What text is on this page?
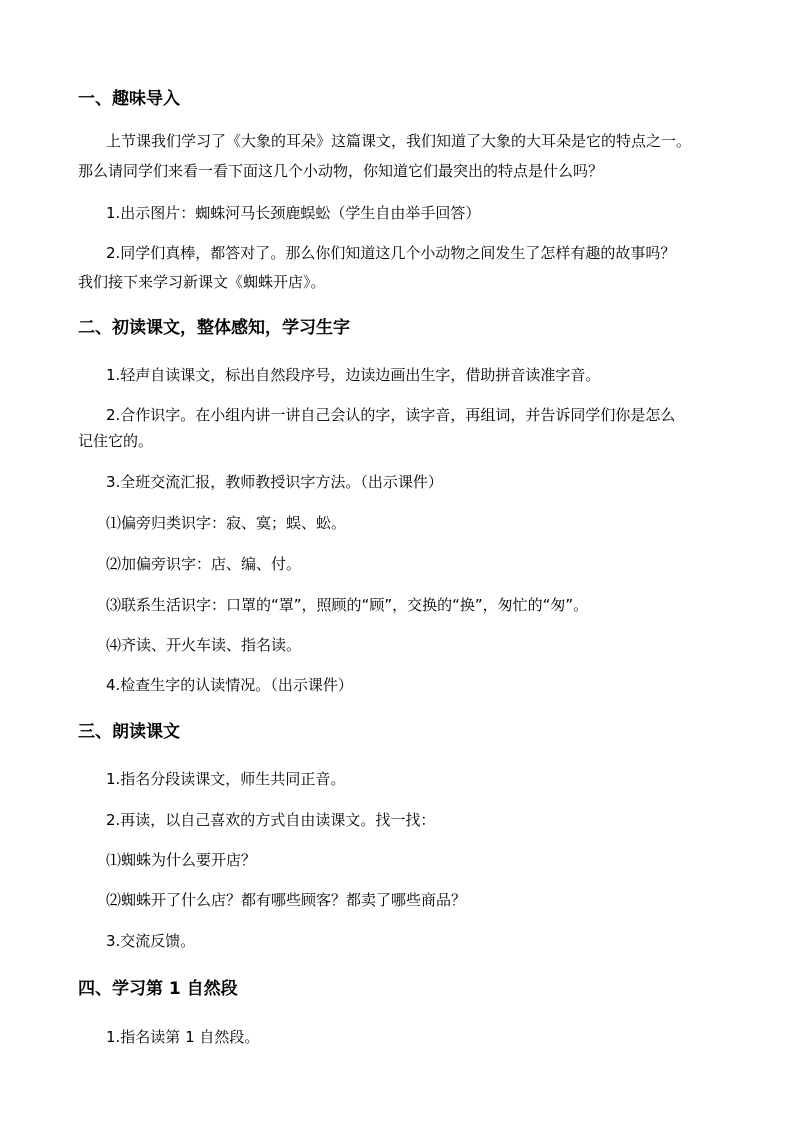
一、趣味导入
上节课我们学习了《大象的耳朵》这篇课文，我们知道了大象的大耳朵是它的特点之一。
那么请同学们来看一看下面这几个小动物，你知道它们最突出的特点是什么吗？
1.出示图片：蜘蛛河马长颈鹿蜈蚣（学生自由举手回答）
2.同学们真棒，都答对了。那么你们知道这几个小动物之间发生了怎样有趣的故事吗？
我们接下来学习新课文《蜘蛛开店》。
二、初读课文，整体感知，学习生字
1.轻声自读课文，标出自然段序号，边读边画出生字，借助拼音读准字音。
2.合作识字。在小组内讲一讲自己会认的字，读字音，再组词，并告诉同学们你是怎么
记住它的。
3.全班交流汇报，教师教授识字方法。（出示课件）
⑴偏旁归类识字：寂、寞；蜈、蚣。
⑵加偏旁识字：店、编、付。
⑶联系生活识字：口罩的“罩”，照顾的“顾”，交换的“换”，匆忙的“匆”。
⑷齐读、开火车读、指名读。
4.检查生字的认读情况。（出示课件）
三、朗读课文
1.指名分段读课文，师生共同正音。
2.再读，以自己喜欢的方式自由读课文。找一找：
⑴蜘蛛为什么要开店？
⑵蜘蛛开了什么店？都有哪些顾客？都卖了哪些商品？
3.交流反馈。
四、学习第 1 自然段
1.指名读第 1 自然段。
